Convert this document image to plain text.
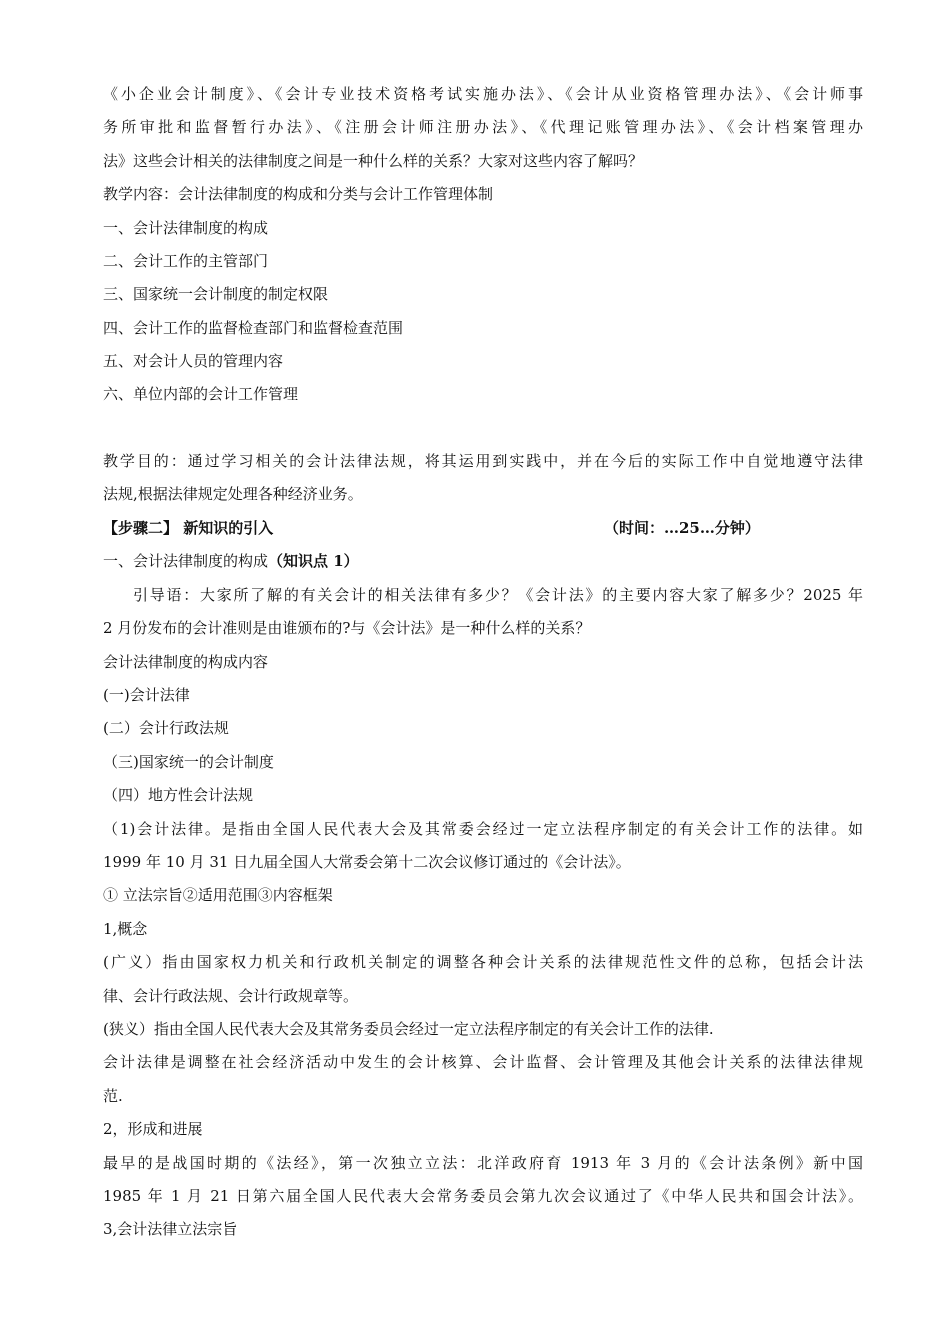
《小企业会计制度》、《会计专业技术资格考试实施办法》、《会计从业资格管理办法》、《会计师事
务所审批和监督暂行办法》、《注册会计师注册办法》、《代理记账管理办法》、《会计档案管理办
法》这些会计相关的法律制度之间是一种什么样的关系？大家对这些内容了解吗？
教学内容：会计法律制度的构成和分类与会计工作管理体制
一、会计法律制度的构成
二、会计工作的主管部门
三、国家统一会计制度的制定权限
四、会计工作的监督检查部门和监督检查范围
五、对会计人员的管理内容
六、单位内部的会计工作管理
教学目的：通过学习相关的会计法律法规，将其运用到实践中，并在今后的实际工作中自觉地遵守法律
法规,根据法律规定处理各种经济业务。
【步骤二】 新知识的引入	（时间：…25…分钟）
一、会计法律制度的构成（知识点 1）
引导语：大家所了解的有关会计的相关法律有多少？《会计法》的主要内容大家了解多少？2025 年
2 月份发布的会计准则是由谁颁布的?与《会计法》是一种什么样的关系？
会计法律制度的构成内容
(一)会计法律
(二）会计行政法规
（三)国家统一的会计制度
（四）地方性会计法规
（1)会计法律。是指由全国人民代表大会及其常委会经过一定立法程序制定的有关会计工作的法律。如
1999 年 10 月 31 日九届全国人大常委会第十二次会议修订通过的《会计法》。
① 立法宗旨②适用范围③内容框架
1,概念
(广义）指由国家权力机关和行政机关制定的调整各种会计关系的法律规范性文件的总称，包括会计法
律、会计行政法规、会计行政规章等。
(狭义）指由全国人民代表大会及其常务委员会经过一定立法程序制定的有关会计工作的法律.
会计法律是调整在社会经济活动中发生的会计核算、会计监督、会计管理及其他会计关系的法律法律规
范.
2，形成和进展
最早的是战国时期的《法经》，第一次独立立法：北洋政府育 1913 年 3 月的《会计法条例》新中国
1985 年 1 月 21 日第六届全国人民代表大会常务委员会第九次会议通过了《中华人民共和国会计法》。
3,会计法律立法宗旨
